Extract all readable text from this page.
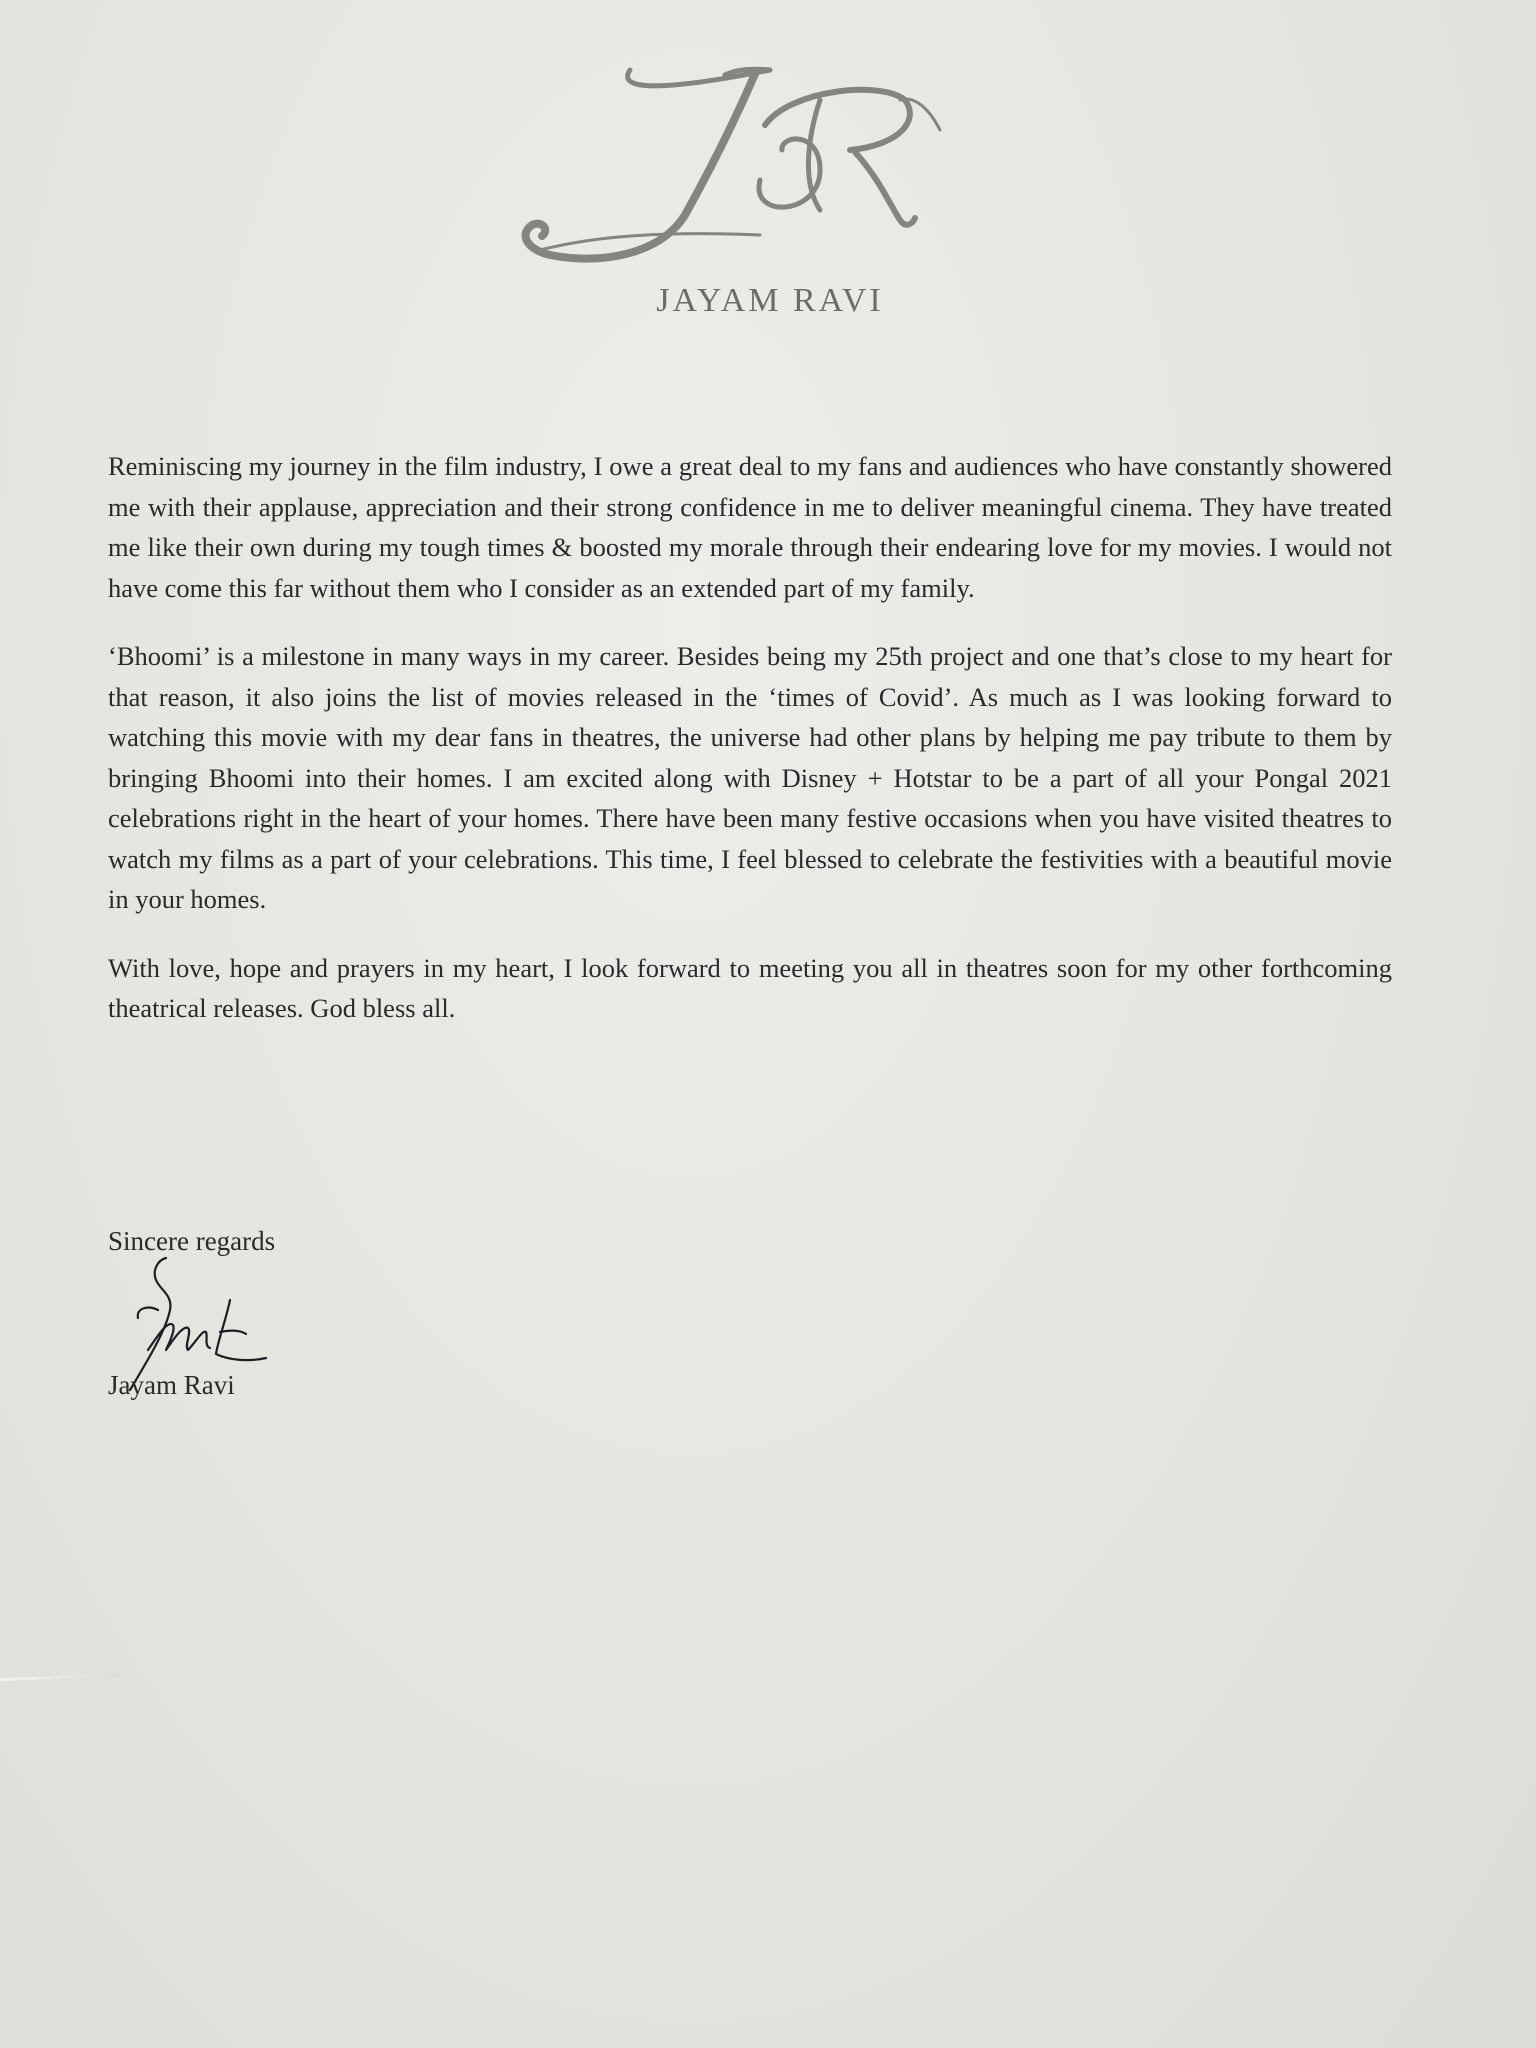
JAYAM RAVI

Reminiscing my journey in the film industry, I owe a great deal to my fans and audiences who have constantly showered me with their applause, appreciation and their strong confidence in me to deliver meaningful cinema. They have treated me like their own during my tough times & boosted my morale through their endearing love for my movies. I would not have come this far without them who I consider as an extended part of my family.

‘Bhoomi’ is a milestone in many ways in my career. Besides being my 25th project and one that’s close to my heart for that reason, it also joins the list of movies released in the ‘times of Covid’. As much as I was looking forward to watching this movie with my dear fans in theatres, the universe had other plans by helping me pay tribute to them by bringing Bhoomi into their homes. I am excited along with Disney + Hotstar to be a part of all your Pongal 2021 celebrations right in the heart of your homes. There have been many festive occasions when you have visited theatres to watch my films as a part of your celebrations. This time, I feel blessed to celebrate the festivities with a beautiful movie in your homes.

With love, hope and prayers in my heart, I look forward to meeting you all in theatres soon for my other forthcoming theatrical releases. God bless all.

Sincere regards
Jayam Ravi
